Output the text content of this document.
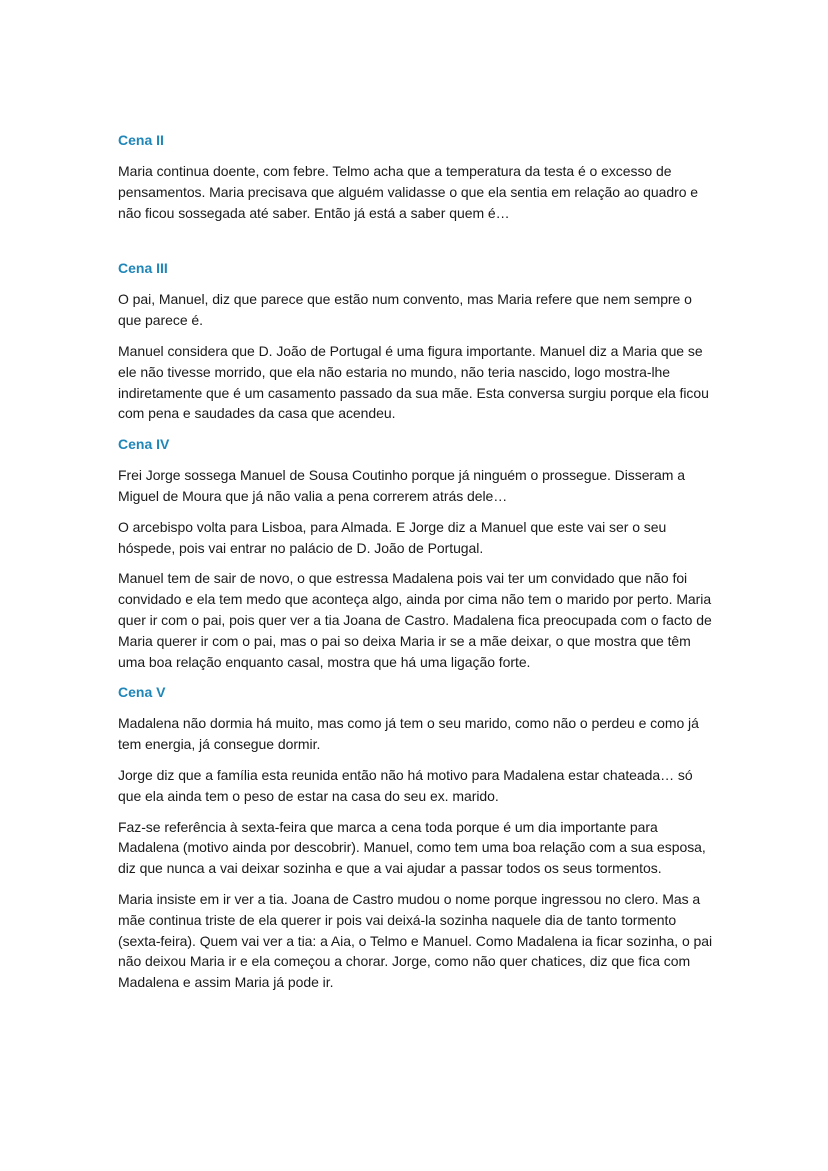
Cena II

Maria continua doente, com febre. Telmo acha que a temperatura da testa é o excesso de pensamentos. Maria precisava que alguém validasse o que ela sentia em relação ao quadro e não ficou sossegada até saber. Então já está a saber quem é…

Cena III

O pai, Manuel, diz que parece que estão num convento, mas Maria refere que nem sempre o que parece é.

Manuel considera que D. João de Portugal é uma figura importante. Manuel diz a Maria que se ele não tivesse morrido, que ela não estaria no mundo, não teria nascido, logo mostra-lhe indiretamente que é um casamento passado da sua mãe. Esta conversa surgiu porque ela ficou com pena e saudades da casa que acendeu.

Cena IV

Frei Jorge sossega Manuel de Sousa Coutinho porque já ninguém o prossegue. Disseram a Miguel de Moura que já não valia a pena correrem atrás dele…

O arcebispo volta para Lisboa, para Almada. E Jorge diz a Manuel que este vai ser o seu hóspede, pois vai entrar no palácio de D. João de Portugal.

Manuel tem de sair de novo, o que estressa Madalena pois vai ter um convidado que não foi convidado e ela tem medo que aconteça algo, ainda por cima não tem o marido por perto. Maria quer ir com o pai, pois quer ver a tia Joana de Castro. Madalena fica preocupada com o facto de Maria querer ir com o pai, mas o pai so deixa Maria ir se a mãe deixar, o que mostra que têm uma boa relação enquanto casal, mostra que há uma ligação forte.

Cena V

Madalena não dormia há muito, mas como já tem o seu marido, como não o perdeu e como já tem energia, já consegue dormir.

Jorge diz que a família esta reunida então não há motivo para Madalena estar chateada… só que ela ainda tem o peso de estar na casa do seu ex. marido.

Faz-se referência à sexta-feira que marca a cena toda porque é um dia importante para Madalena (motivo ainda por descobrir). Manuel, como tem uma boa relação com a sua esposa, diz que nunca a vai deixar sozinha e que a vai ajudar a passar todos os seus tormentos.

Maria insiste em ir ver a tia. Joana de Castro mudou o nome porque ingressou no clero. Mas a mãe continua triste de ela querer ir pois vai deixá-la sozinha naquele dia de tanto tormento (sexta-feira). Quem vai ver a tia: a Aia, o Telmo e Manuel. Como Madalena ia ficar sozinha, o pai não deixou Maria ir e ela começou a chorar. Jorge, como não quer chatices, diz que fica com Madalena e assim Maria já pode ir.
